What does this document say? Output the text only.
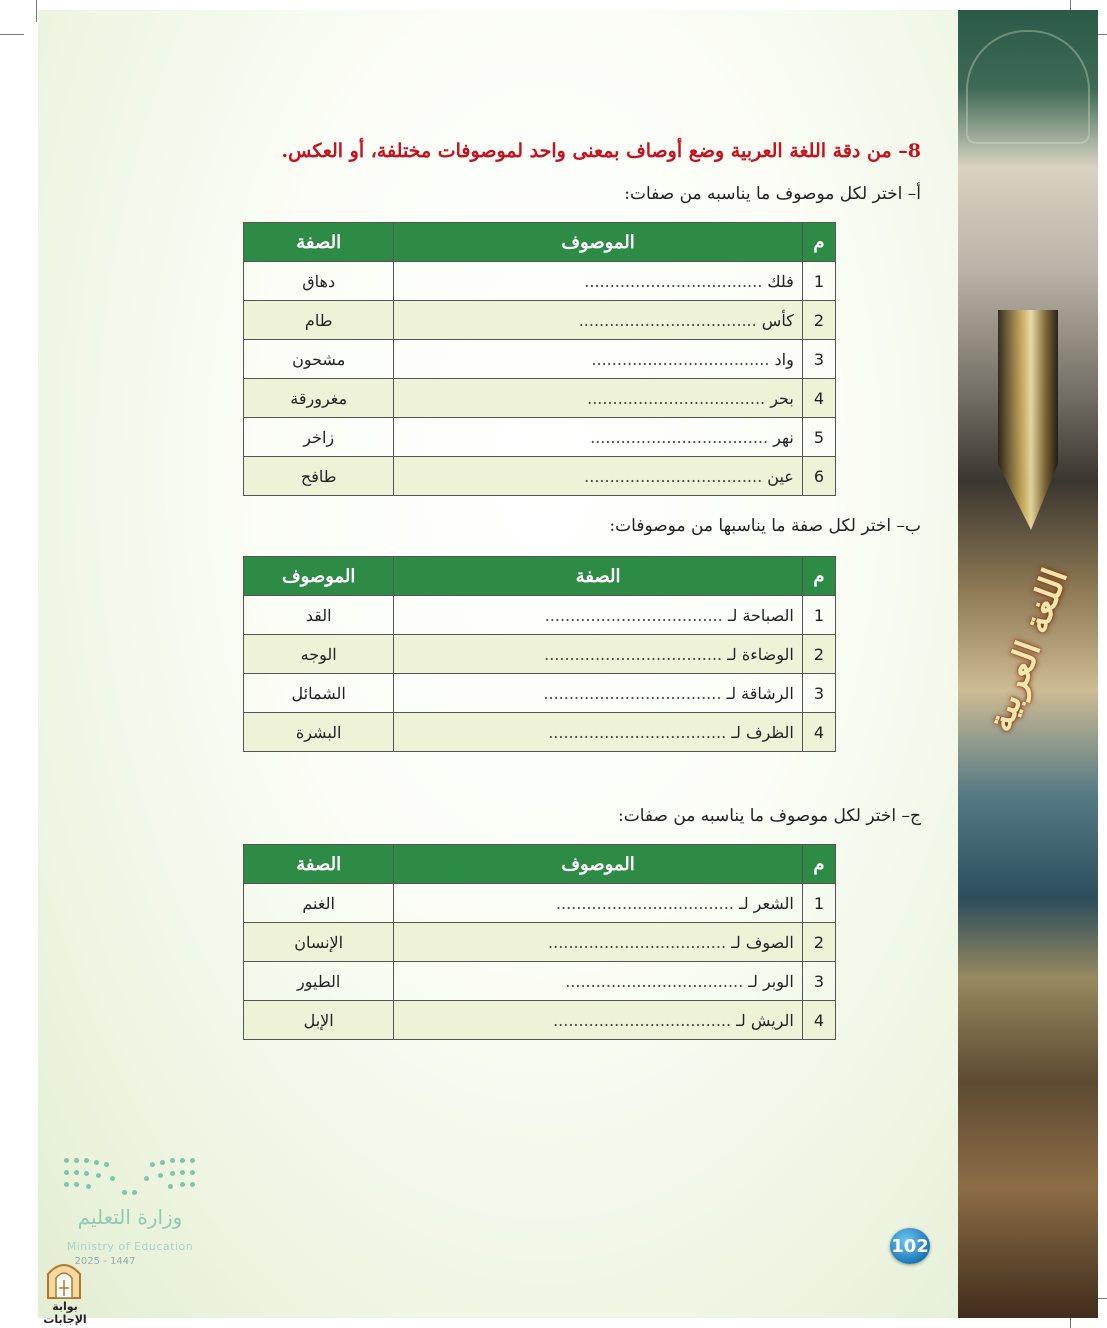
اللغة العربية
8– من دقة اللغة العربية وضع أوصاف بمعنى واحد لموصوفات مختلفة، أو العكس.
أ– اختر لكل موصوف ما يناسبه من صفات:
م	الموصوف	الصفة
1	فلك ...................................	دهاق
2	كأس ...................................	طام
3	واد ...................................	مشحون
4	بحر ...................................	مغرورقة
5	نهر ...................................	زاخر
6	عين ...................................	طافح
ب– اختر لكل صفة ما يناسبها من موصوفات:
م	الصفة	الموصوف
1	الصباحة لـ ...................................	القد
2	الوضاءة لـ ...................................	الوجه
3	الرشاقة لـ ...................................	الشمائل
4	الظرف لـ ...................................	البشرة
ج– اختر لكل موصوف ما يناسبه من صفات:
م	الموصوف	الصفة
1	الشعر لـ ...................................	الغنم
2	الصوف لـ ...................................	الإنسان
3	الوبر لـ ...................................	الطيور
4	الريش لـ ...................................	الإبل
وزارة التعليم
Ministry of Education
2025 - 1447
بوابة الإجابات
102
